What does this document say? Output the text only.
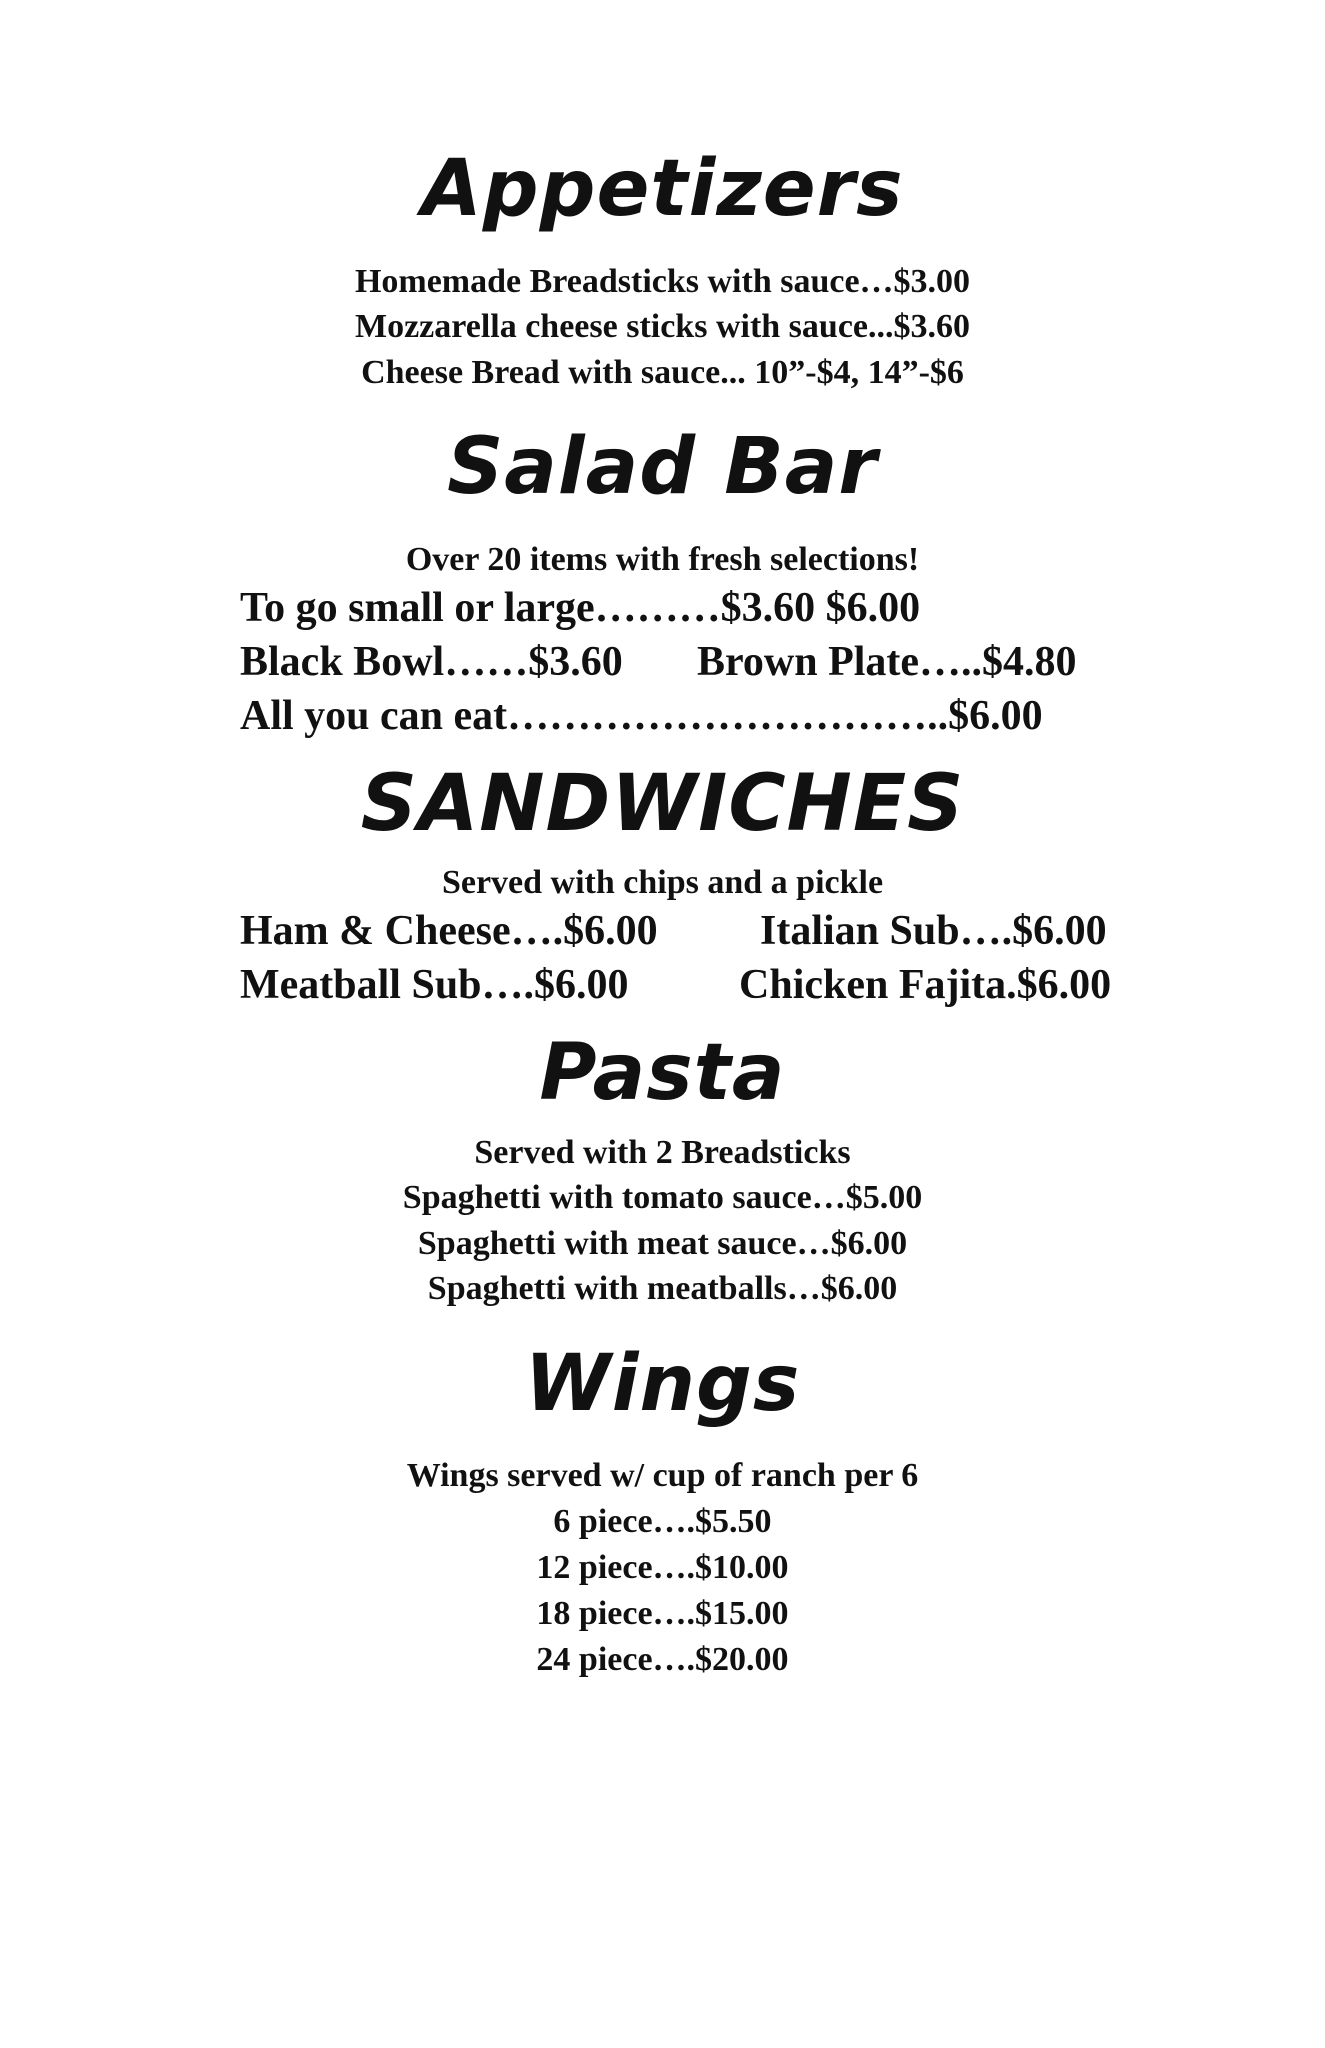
Appetizers
Homemade Breadsticks with sauce…$3.00
Mozzarella cheese sticks with sauce...$3.60
Cheese Bread with sauce... 10”-$4, 14”-$6
Salad Bar
Over 20 items with fresh selections!
To go small or large………$3.60 $6.00
Black Bowl……$3.60 Brown Plate…..$4.80
All you can eat…………………………..$6.00
SANDWICHES
Served with chips and a pickle
Ham & Cheese….$6.00 Italian Sub….$6.00
Meatball Sub….$6.00	Chicken Fajita.$6.00
Pasta
Served with 2 Breadsticks
Spaghetti with tomato sauce…$5.00
Spaghetti with meat sauce…$6.00
Spaghetti with meatballs…$6.00
Wings
Wings served w/ cup of ranch per 6
6 piece….$5.50
12 piece….$10.00
18 piece….$15.00
24 piece….$20.00
